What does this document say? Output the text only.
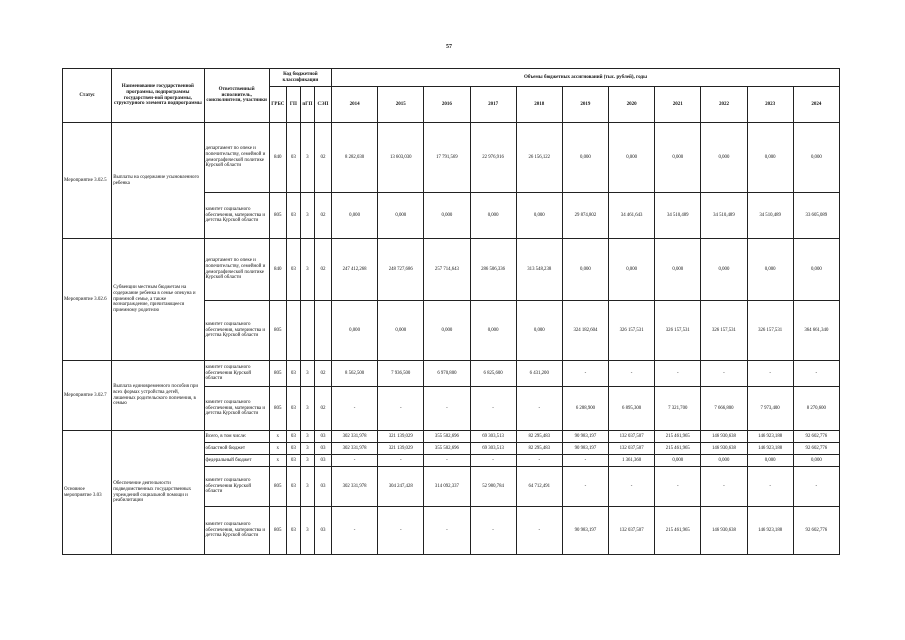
57
Статус	Наименование государственной программы, подпрограммы государствен-ной программы, структурного элемента подпрограммы	Ответственный исполнитель, соисполнители, участники	Код бюджетной классификации				Объемы бюджетных ассигнований (тыс. рублей), годы										
			ГРБС	ГП	пГП	СЭП	2014	2015	2016	2017	2018	2019	2020	2021	2022	2023	2024
Мероприятие 3.02.5	Выплаты на содержание усыновленного ребенка	департамент по опеке и попечительству, семейной и демографической политике Курской области	840	03	3	02	8 282,030	13 603,030	17 791,569	22 976,916	26 156,122	0,000	0,000	0,000	0,000	0,000	0,000
		комитет социального обеспечения, материнства и детства Курской области	805	03	3	02	0,000	0,000	0,000	0,000	0,000	29 874,802	34 461,643	34 510,489	34 510,489	34 510,489	33 605,089
Мероприятие 3.02.6	Субвенции местным бюджетам на содержание ребенка в семье опекуна и приемной семье, а также вознаграждение, причитающееся приемному родителю	департамент по опеке и попечительству, семейной и демографической политике Курской области	840	03	3	02	247 412,268	248 727,686	257 714,643	286 506,336	313 548,238	0,000	0,000	0,000	0,000	0,000	0,000
		комитет социального обеспечения, материнства и детства Курской области	805				0,000	0,000	0,000	0,000	0,000	324 182,604	326 157,531	326 157,531	326 157,531	326 157,531	364 661,340
Мероприятие 3.02.7	Выплата единовременного пособия при всех формах устройства детей, лишенных родительского попечения, в семью	комитет социального обеспечения Курской области	805	03	3	02	8 562,500	7 936,500	6 970,800	6 825,600	6 431,200	-	-	-	-	-	-
		комитет социального обеспечения, материнства и детства Курской области	805	03	3	02	-	-	-	-	-	6 288,900	6 895,300	7 321,700	7 666,800	7 973,400	8 270,600
Основное мероприятие 3.03	Обеспечение деятельности подведомственных государственных учреждений социальной помощи и реабилитации	Всего, в том числе:	x	03	3	03	302 331,978	321 139,029	355 502,696	69 303,513	82 295,483	90 983,197	132 037,507	215 461,965	146 930,638	146 923,188	92 602,776
		областной бюджет	x	03	3	03	302 331,978	321 139,029	355 502,696	69 303,513	82 295,483	90 983,197	132 037,507	215 461,965	146 930,638	146 923,188	92 602,776
		федеральный бюджет	x	03	3	03	-	-	-	-	-	-	1 361,360	0,000	0,000	0,000	0,000
		комитет социального обеспечения Курской области	805	03	3	03	302 331,978	304 247,428	314 092,337	52 980,784	64 712,491	-	-	-	-	-	-
		комитет социального обеспечения, материнства и детства Курской области	805	03	3	03	-	-	-	-	-	90 983,197	132 037,507	215 461,965	146 930,638	146 923,188	92 602,776
